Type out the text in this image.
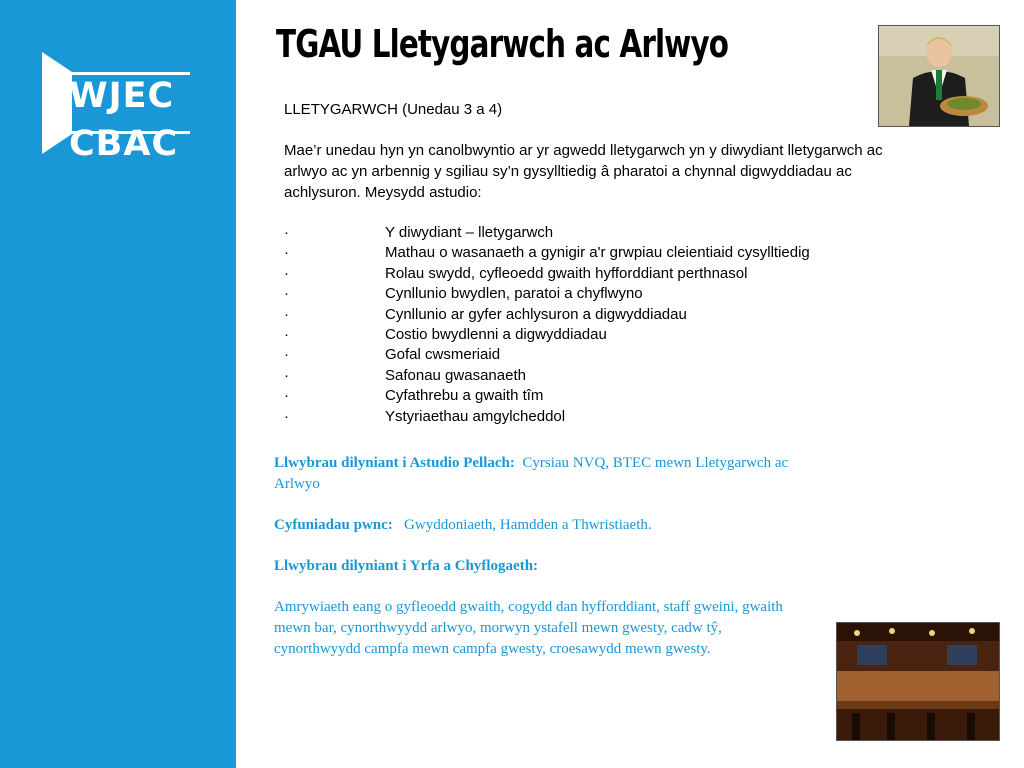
WJEC
CBAC
TGAU Lletygarwch ac Arlwyo

LLETYGARWCH (Unedau 3 a 4)

Mae’r unedau hyn yn canolbwyntio ar yr agwedd lletygarwch yn y diwydiant lletygarwch ac arlwyo ac yn arbennig y sgiliau sy’n gysylltiedig â pharatoi a chynnal digwyddiadau ac achlysuron. Meysydd astudio:

·	Y diwydiant – lletygarwch
·	Mathau o wasanaeth a gynigir a'r grwpiau cleientiaid cysylltiedig
·	Rolau swydd, cyfleoedd gwaith hyfforddiant perthnasol
·	Cynllunio bwydlen, paratoi a chyflwyno
·	Cynllunio ar gyfer achlysuron a digwyddiadau
·	Costio bwydlenni a digwyddiadau
·	Gofal cwsmeriaid
·	Safonau gwasanaeth
·	Cyfathrebu a gwaith tîm
·	Ystyriaethau amgylcheddol

Llwybrau dilyniant i Astudio Pellach: Cyrsiau NVQ, BTEC mewn Lletygarwch ac Arlwyo

Cyfuniadau pwnc: Gwyddoniaeth, Hamdden a Thwristiaeth.

Llwybrau dilyniant i Yrfa a Chyflogaeth:

Amrywiaeth eang o gyfleoedd gwaith, cogydd dan hyfforddiant, staff gweini, gwaith mewn bar, cynorthwyydd arlwyo, morwyn ystafell mewn gwesty, cadw tŷ, cynorthwyydd campfa mewn campfa gwesty, croesawydd mewn gwesty.
